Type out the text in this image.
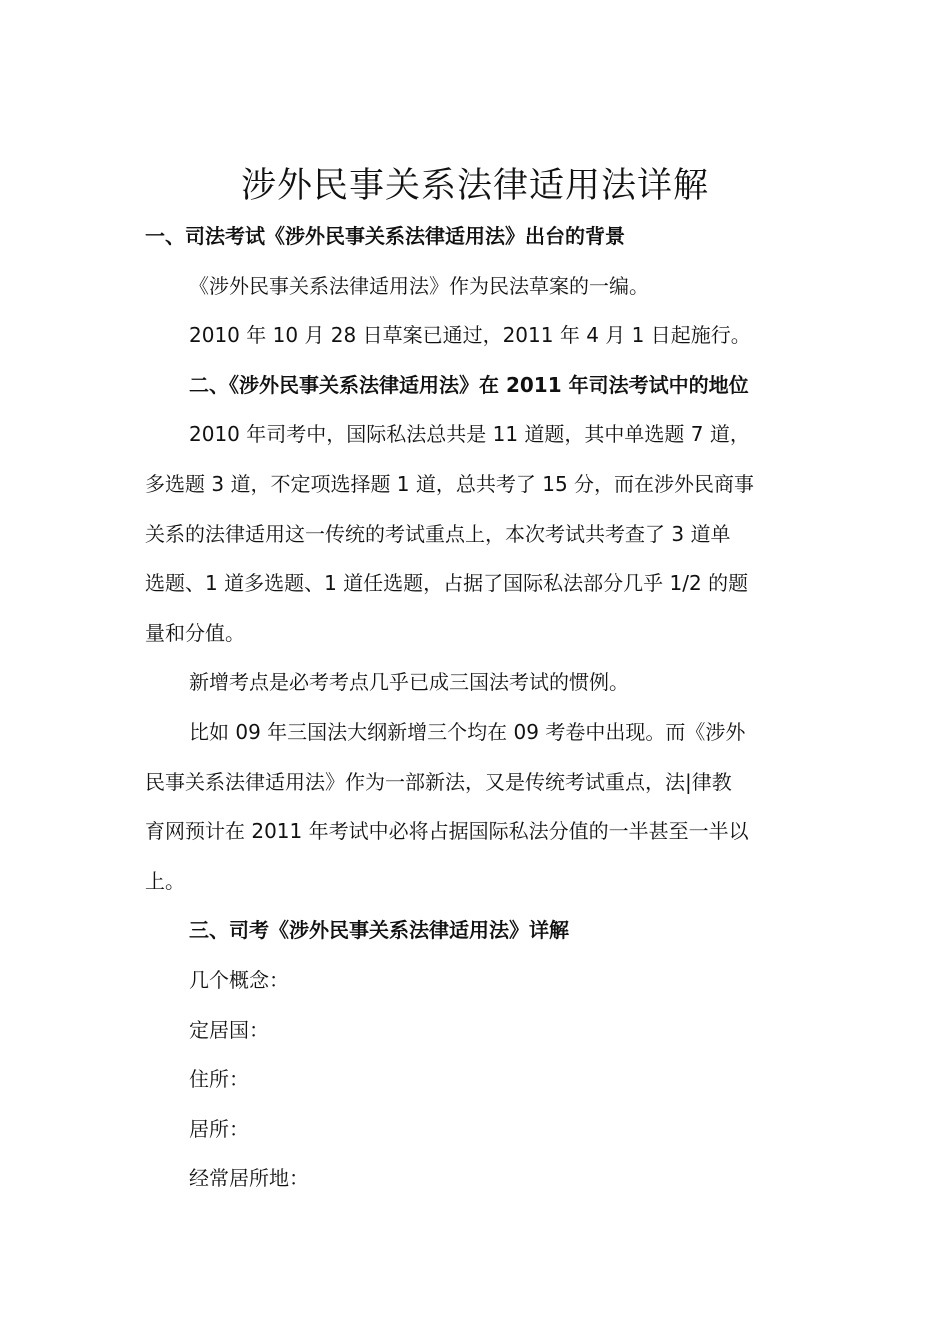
涉外民事关系法律适用法详解

一、司法考试《涉外民事关系法律适用法》出台的背景

《涉外民事关系法律适用法》作为民法草案的一编。

2010 年 10 月 28 日草案已通过，2011 年 4 月 1 日起施行。

二、《涉外民事关系法律适用法》在 2011 年司法考试中的地位

2010 年司考中，国际私法总共是 11 道题，其中单选题 7 道，
多选题 3 道，不定项选择题 1 道，总共考了 15 分，而在涉外民商事
关系的法律适用这一传统的考试重点上，本次考试共考查了 3 道单
选题、1 道多选题、1 道任选题，占据了国际私法部分几乎 1/2 的题
量和分值。

新增考点是必考考点几乎已成三国法考试的惯例。

比如 09 年三国法大纲新增三个均在 09 考卷中出现。而《涉外
民事关系法律适用法》作为一部新法，又是传统考试重点，法|律教
育网预计在 2011 年考试中必将占据国际私法分值的一半甚至一半以
上。

三、司考《涉外民事关系法律适用法》详解

几个概念：

定居国：

住所：

居所：

经常居所地：
